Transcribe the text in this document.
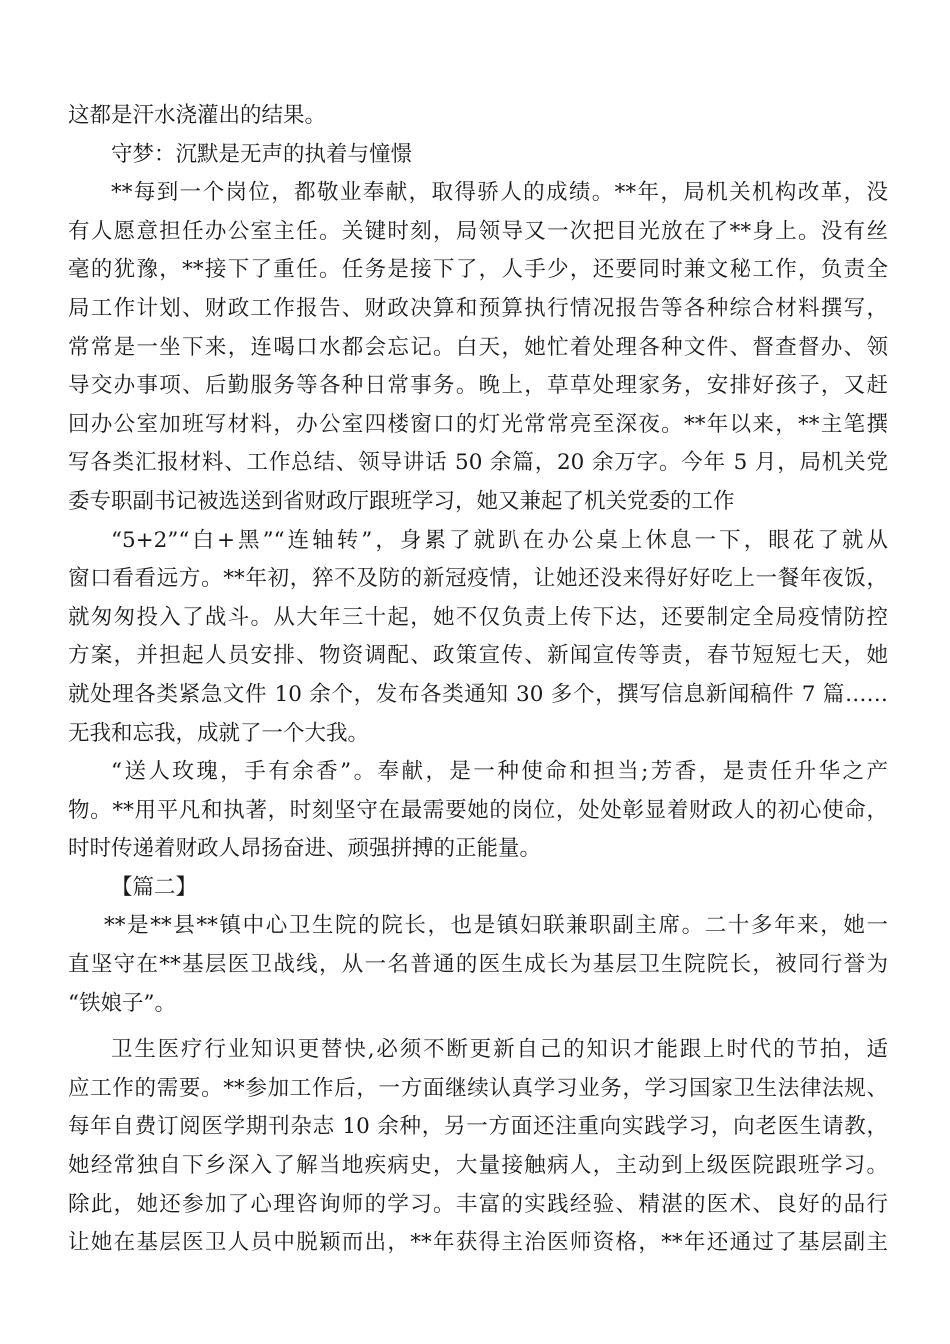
这都是汗水浇灌出的结果。
守梦：沉默是无声的执着与憧憬
**每到一个岗位，都敬业奉献，取得骄人的成绩。**年，局机关机构改革，没
有人愿意担任办公室主任。关键时刻，局领导又一次把目光放在了**身上。没有丝
毫的犹豫，**接下了重任。任务是接下了，人手少，还要同时兼文秘工作，负责全
局工作计划、财政工作报告、财政决算和预算执行情况报告等各种综合材料撰写，
常常是一坐下来，连喝口水都会忘记。白天，她忙着处理各种文件、督查督办、领
导交办事项、后勤服务等各种日常事务。晚上，草草处理家务，安排好孩子，又赶
回办公室加班写材料，办公室四楼窗口的灯光常常亮至深夜。**年以来，**主笔撰
写各类汇报材料、工作总结、领导讲话 50 余篇，20 余万字。今年 5 月，局机关党
委专职副书记被选送到省财政厅跟班学习，她又兼起了机关党委的工作
“5+2”“白+黑”“连轴转”，身累了就趴在办公桌上休息一下，眼花了就从
窗口看看远方。**年初，猝不及防的新冠疫情，让她还没来得好好吃上一餐年夜饭，
就匆匆投入了战斗。从大年三十起，她不仅负责上传下达，还要制定全局疫情防控
方案，并担起人员安排、物资调配、政策宣传、新闻宣传等责，春节短短七天，她
就处理各类紧急文件 10 余个，发布各类通知 30 多个，撰写信息新闻稿件 7 篇……
无我和忘我，成就了一个大我。
“送人玫瑰，手有余香”。奉献，是一种使命和担当;芳香，是责任升华之产
物。**用平凡和执著，时刻坚守在最需要她的岗位，处处彰显着财政人的初心使命，
时时传递着财政人昂扬奋进、顽强拼搏的正能量。
【篇二】
**是**县**镇中心卫生院的院长，也是镇妇联兼职副主席。二十多年来，她一
直坚守在**基层医卫战线，从一名普通的医生成长为基层卫生院院长，被同行誉为
“铁娘子”。
卫生医疗行业知识更替快,必须不断更新自己的知识才能跟上时代的节拍，适
应工作的需要。**参加工作后，一方面继续认真学习业务，学习国家卫生法律法规、
每年自费订阅医学期刊杂志 10 余种，另一方面还注重向实践学习，向老医生请教，
她经常独自下乡深入了解当地疾病史，大量接触病人，主动到上级医院跟班学习。
除此，她还参加了心理咨询师的学习。丰富的实践经验、精湛的医术、良好的品行
让她在基层医卫人员中脱颖而出，**年获得主治医师资格，**年还通过了基层副主
